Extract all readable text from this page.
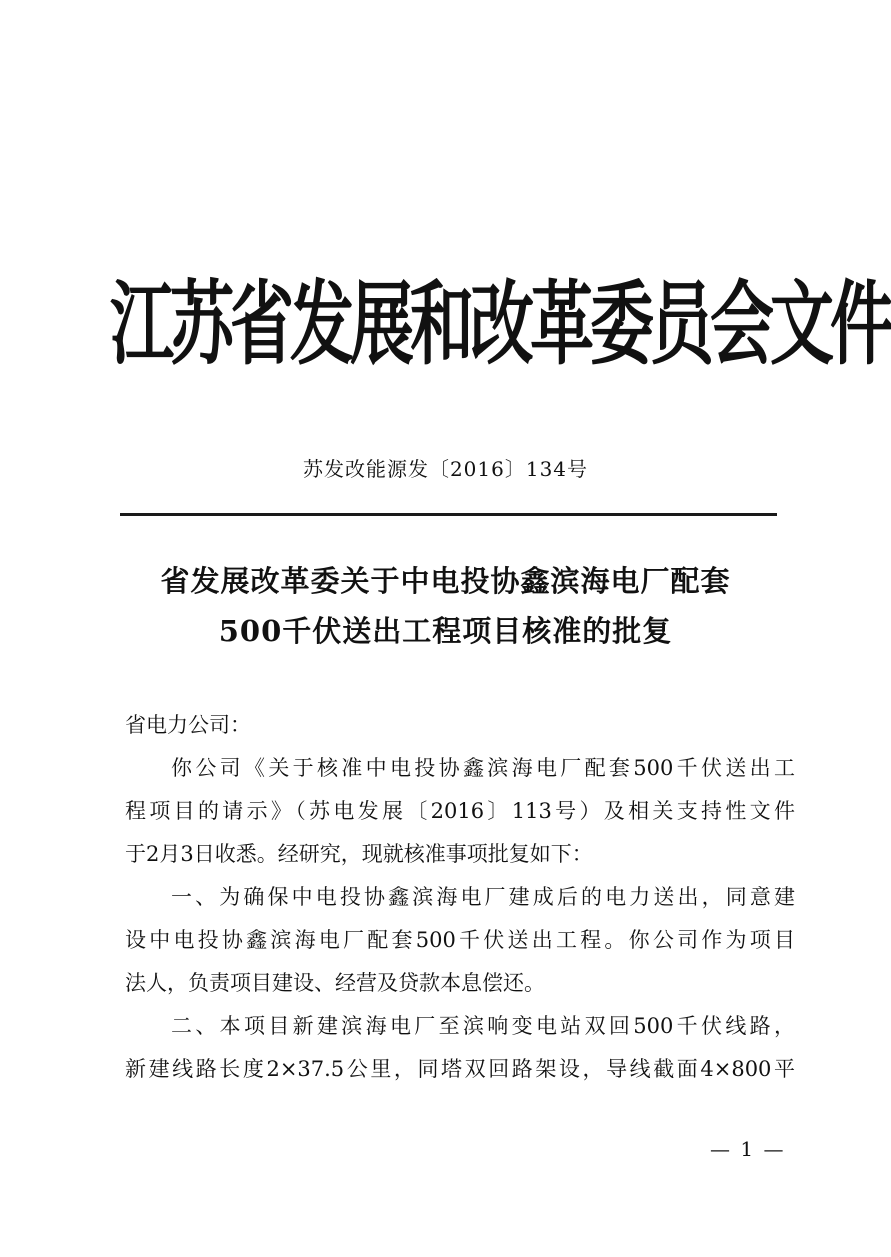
江苏省发展和改革委员会文件
苏发改能源发〔2016〕134号
省发展改革委关于中电投协鑫滨海电厂配套
500千伏送出工程项目核准的批复
省电力公司：
你公司《关于核准中电投协鑫滨海电厂配套500千伏送出工
程项目的请示》（苏电发展〔2016〕113号）及相关支持性文件
于2月3日收悉。经研究，现就核准事项批复如下：
一、为确保中电投协鑫滨海电厂建成后的电力送出，同意建
设中电投协鑫滨海电厂配套500千伏送出工程。你公司作为项目
法人，负责项目建设、经营及贷款本息偿还。
二、本项目新建滨海电厂至滨响变电站双回500千伏线路，
新建线路长度2×37.5公里，同塔双回路架设，导线截面4×800平
— 1 —
